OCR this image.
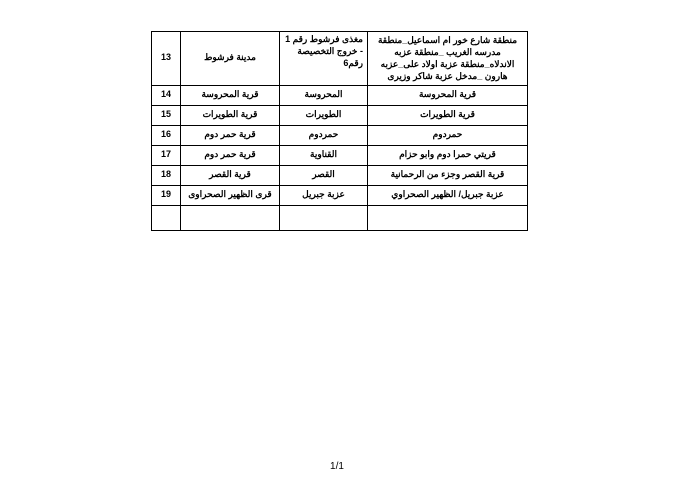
منطقة شارع خور ام اسماعيل_منطقة مدرسه الغريب _منطقة عزبه الاندلاه_منطقة عزبة اولاد على_عزبه هارون _مدخل عزبة شاكر وزيرى	مغذى فرشوط رقم 1 - خروج التخصيصة رقم6	مدينة فرشوط	13
قرية المحروسة	المحروسة	قرية المحروسة	14
قرية الطويرات	الطويرات	قرية الطويرات	15
حمردوم	حمردوم	قرية حمر دوم	16
قريتي حمرا دوم وابو حزام	القناوية	قرية حمر دوم	17
قرية القصر وجزء من الرحمانية	القصر	قرية القصر	18
عزبة جبريل/ الظهير الصحراوي	عزبة جبريل	قرى الظهير الصحراوى	19

1/1
